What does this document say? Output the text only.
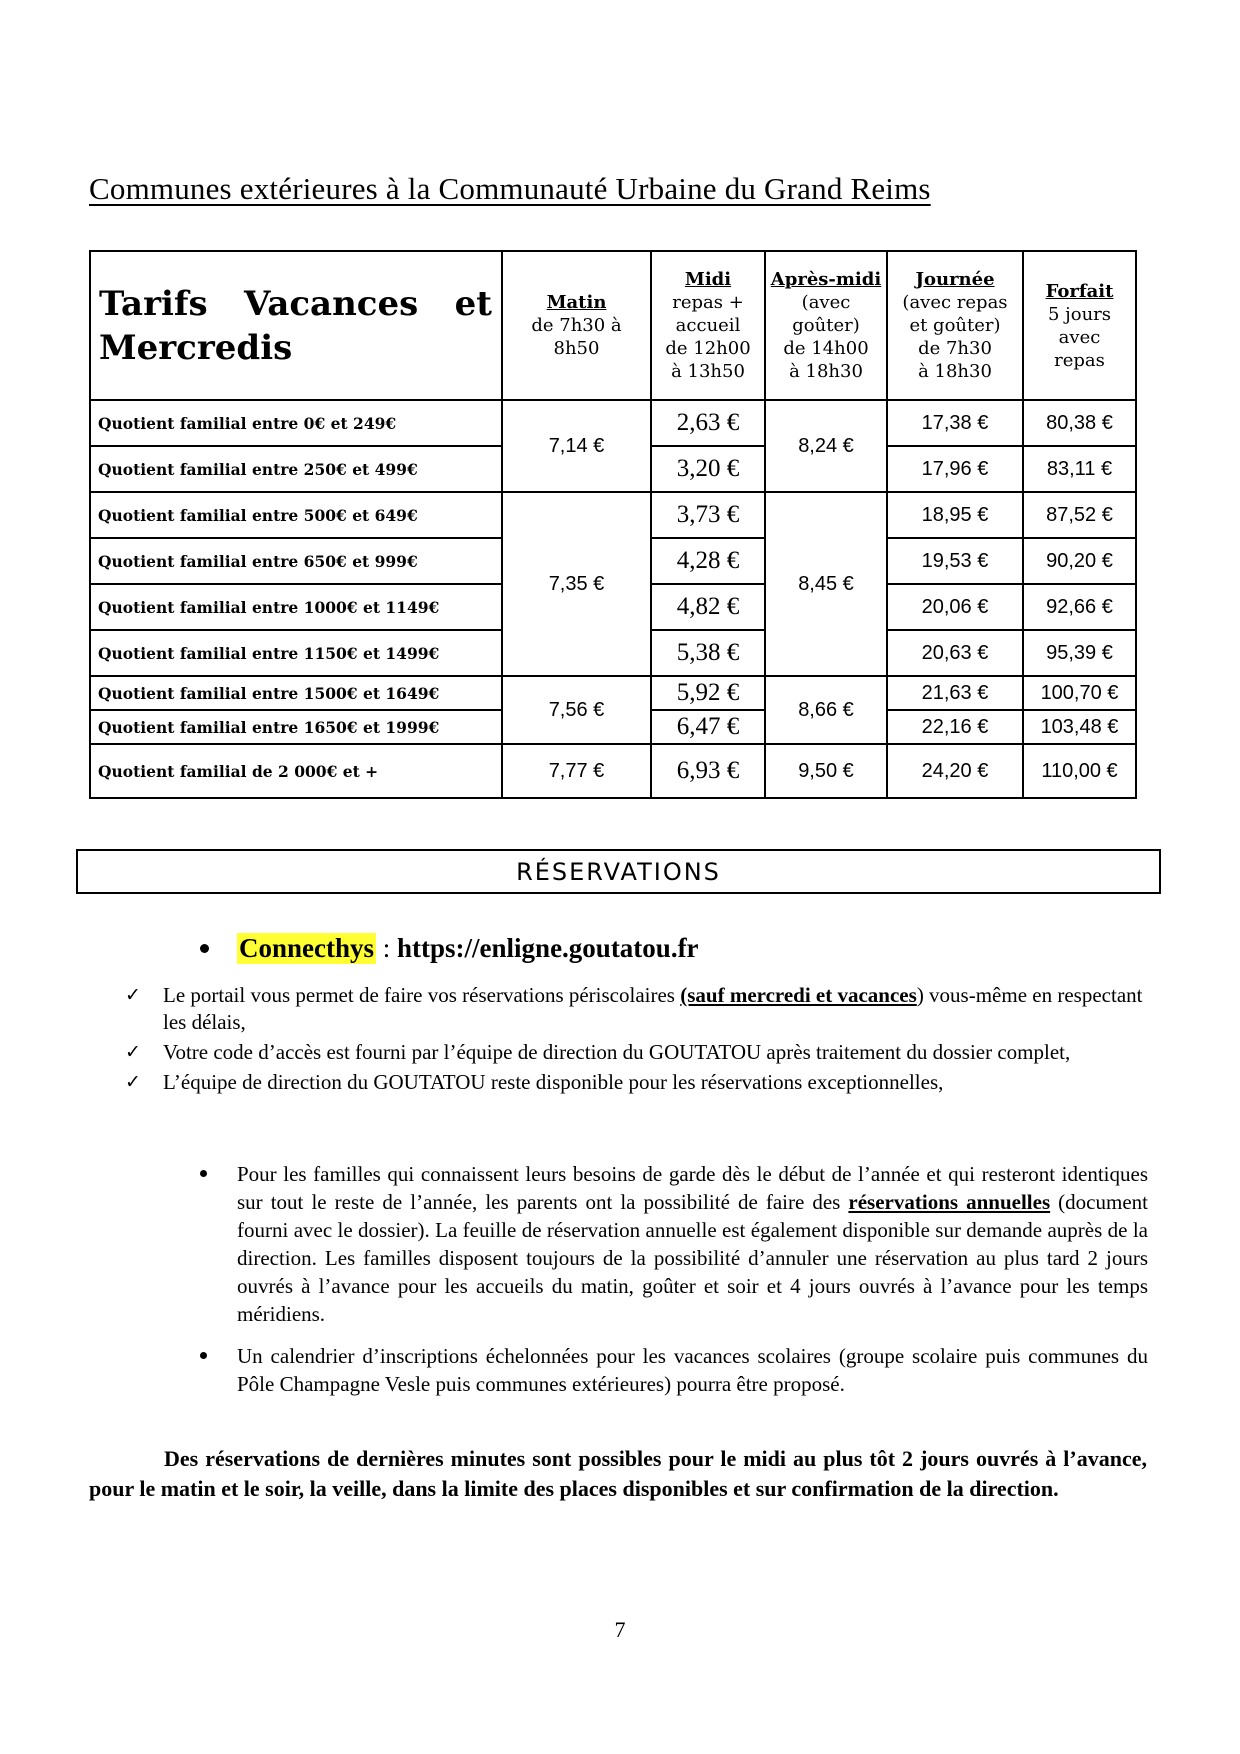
Communes extérieures à la Communauté Urbaine du Grand Reims
Tarifs Vacances et Mercredis	Matin
de 7h30 à
8h50	Midi
repas +
accueil
de 12h00
à 13h50	Après-midi
(avec
goûter)
de 14h00
à 18h30	Journée
(avec repas
et goûter)
de 7h30
à 18h30	Forfait
5 jours
avec
repas

Quotient familial entre 0€ et 249€	7,14 €	2,63 €	8,24 €	17,38 €	80,38 €
Quotient familial entre 250€ et 499€		3,20 €		17,96 €	83,11 €
Quotient familial entre 500€ et 649€	7,35 €	3,73 €	8,45 €	18,95 €	87,52 €
Quotient familial entre 650€ et 999€		4,28 €		19,53 €	90,20 €
Quotient familial entre 1000€ et 1149€		4,82 €		20,06 €	92,66 €
Quotient familial entre 1150€ et 1499€		5,38 €		20,63 €	95,39 €
Quotient familial entre 1500€ et 1649€	7,56 €	5,92 €	8,66 €	21,63 €	100,70 €
Quotient familial entre 1650€ et 1999€		6,47 €		22,16 €	103,48 €
Quotient familial de 2 000€ et +	7,77 €	6,93 €	9,50 €	24,20 €	110,00 €
RÉSERVATIONS
Connecthys : https://enligne.goutatou.fr
✓ Le portail vous permet de faire vos réservations périscolaires (sauf mercredi et vacances) vous-même en respectant les délais,
✓ Votre code d’accès est fourni par l’équipe de direction du GOUTATOU après traitement du dossier complet,
✓ L’équipe de direction du GOUTATOU reste disponible pour les réservations exceptionnelles,
Pour les familles qui connaissent leurs besoins de garde dès le début de l’année et qui resteront identiques sur tout le reste de l’année, les parents ont la possibilité de faire des réservations annuelles (document fourni avec le dossier). La feuille de réservation annuelle est également disponible sur demande auprès de la direction. Les familles disposent toujours de la possibilité d’annuler une réservation au plus tard 2 jours ouvrés à l’avance pour les accueils du matin, goûter et soir et 4 jours ouvrés à l’avance pour les temps méridiens.
Un calendrier d’inscriptions échelonnées pour les vacances scolaires (groupe scolaire puis communes du Pôle Champagne Vesle puis communes extérieures) pourra être proposé.

Des réservations de dernières minutes sont possibles pour le midi au plus tôt 2 jours ouvrés à l’avance, pour le matin et le soir, la veille, dans la limite des places disponibles et sur confirmation de la direction.

7
